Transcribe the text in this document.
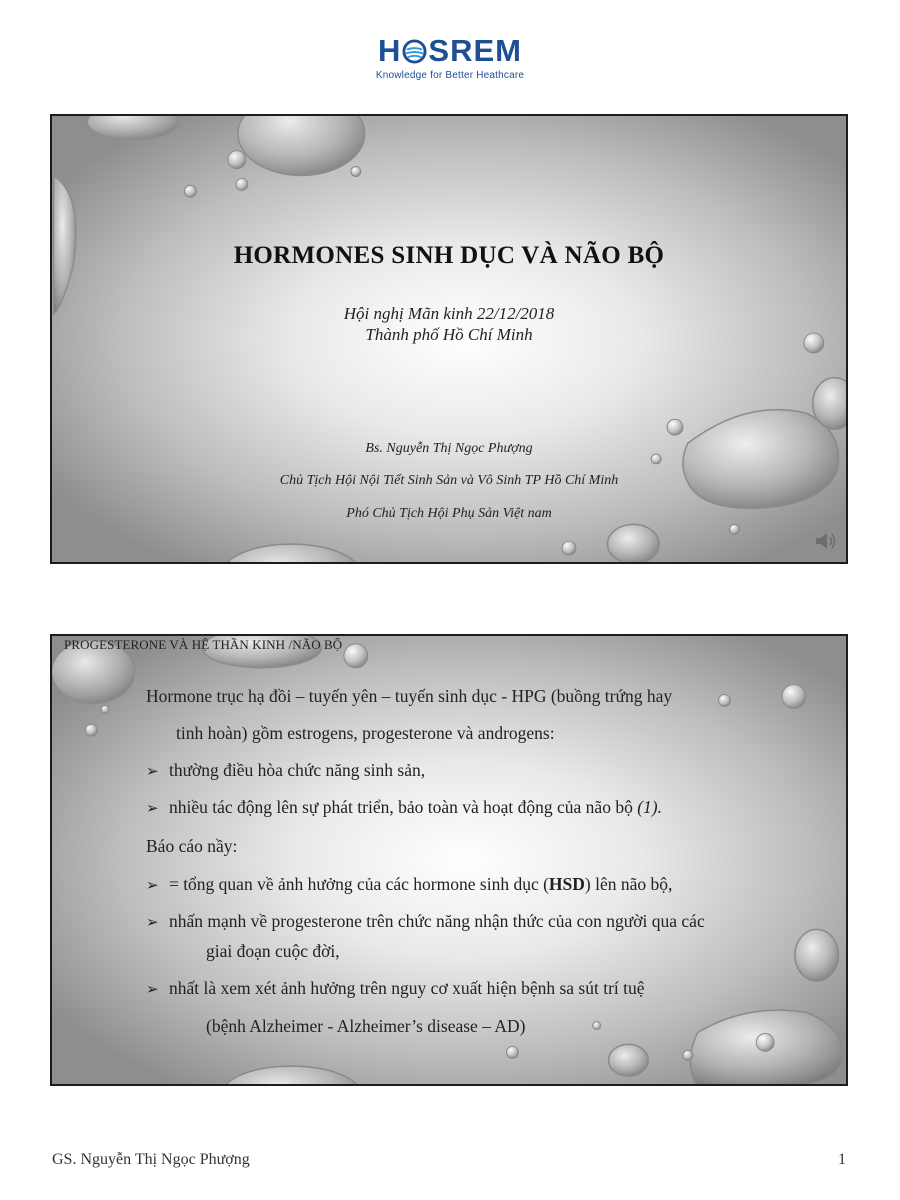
H SREM
Knowledge for Better Heathcare
HORMONES SINH DỤC VÀ NÃO BỘ
Hội nghị Mãn kinh 22/12/2018
Thành phố Hồ Chí Minh
Bs. Nguyễn Thị Ngọc Phượng
Chủ Tịch Hội Nội Tiết Sinh Sản và Vô Sinh TP Hồ Chí Minh
Phó Chủ Tịch Hội Phụ Sản Việt nam
PROGESTERONE VÀ HỆ THẦN KINH /NÃO BỘ
Hormone trục hạ đồi – tuyến yên – tuyến sinh dục - HPG (buồng trứng hay
tinh hoàn) gồm estrogens, progesterone và androgens:
➢ thường điều hòa chức năng sinh sản,
➢ nhiều tác động lên sự phát triển, bảo toàn và hoạt động của não bộ (1).
Báo cáo nầy:
➢ = tổng quan về ảnh hưởng của các hormone sinh dục (HSD) lên não bộ,
➢ nhấn mạnh về progesterone trên chức năng nhận thức của con người qua các
giai đoạn cuộc đời,
➢ nhất là xem xét ảnh hưởng trên nguy cơ xuất hiện bệnh sa sút trí tuệ
(bệnh Alzheimer - Alzheimer’s disease – AD)
GS. Nguyễn Thị Ngọc Phượng	1
